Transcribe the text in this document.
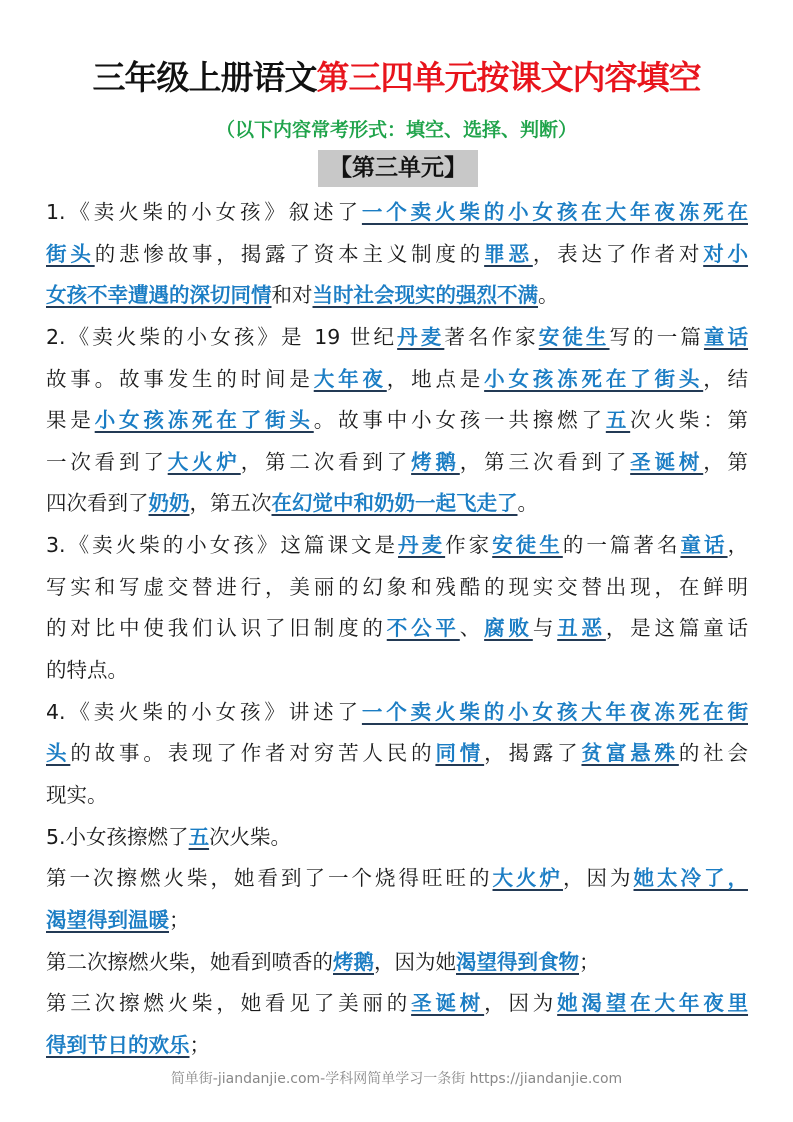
三年级上册语文第三四单元按课文内容填空
（以下内容常考形式：填空、选择、判断）
【第三单元】
1.《卖火柴的小女孩》叙述了一个卖火柴的小女孩在大年夜冻死在
街头的悲惨故事，揭露了资本主义制度的罪恶，表达了作者对对小
女孩不幸遭遇的深切同情和对当时社会现实的强烈不满。
2.《卖火柴的小女孩》是 19 世纪丹麦著名作家安徒生写的一篇童话
故事。故事发生的时间是大年夜，地点是小女孩冻死在了街头，结
果是小女孩冻死在了街头。故事中小女孩一共擦燃了五次火柴：第
一次看到了大火炉，第二次看到了烤鹅，第三次看到了圣诞树，第
四次看到了奶奶，第五次在幻觉中和奶奶一起飞走了。
3.《卖火柴的小女孩》这篇课文是丹麦作家安徒生的一篇著名童话，
写实和写虚交替进行，美丽的幻象和残酷的现实交替出现，在鲜明
的对比中使我们认识了旧制度的不公平、腐败与丑恶，是这篇童话
的特点。
4.《卖火柴的小女孩》讲述了一个卖火柴的小女孩大年夜冻死在街
头的故事。表现了作者对穷苦人民的同情，揭露了贫富悬殊的社会
现实。
5.小女孩擦燃了五次火柴。
第一次擦燃火柴，她看到了一个烧得旺旺的大火炉，因为她太冷了，
渴望得到温暖；
第二次擦燃火柴，她看到喷香的烤鹅，因为她渴望得到食物；
第三次擦燃火柴，她看见了美丽的圣诞树，因为她渴望在大年夜里
得到节日的欢乐；
简单街-jiandanjie.com-学科网简单学习一条街 https://jiandanjie.com
